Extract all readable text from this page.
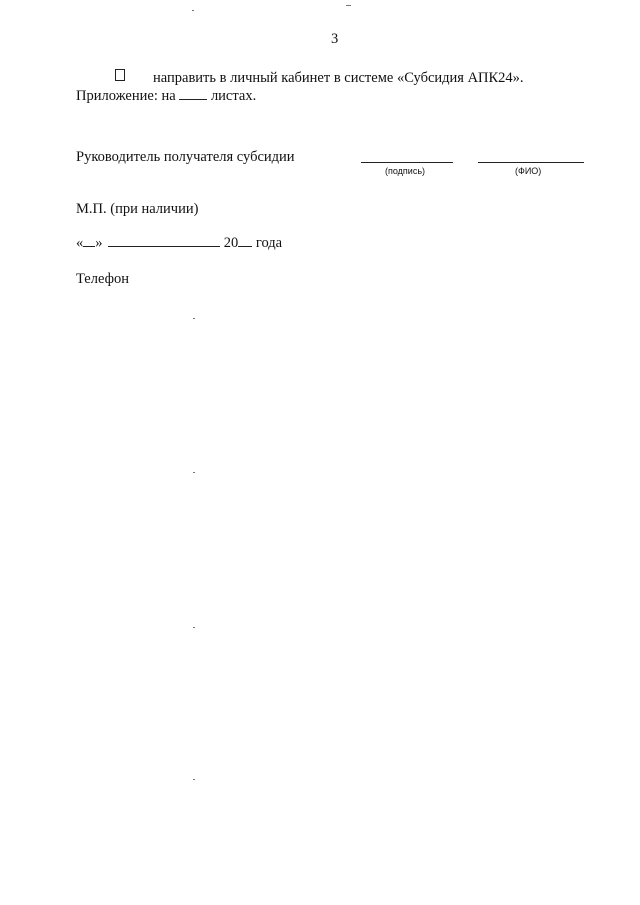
3
направить в личный кабинет в системе «Субсидия АПК24».
Приложение: на листах.
Руководитель получателя субсидии
(подпись)	(ФИО)
М.П. (при наличии)
« »	20 года
Телефон
